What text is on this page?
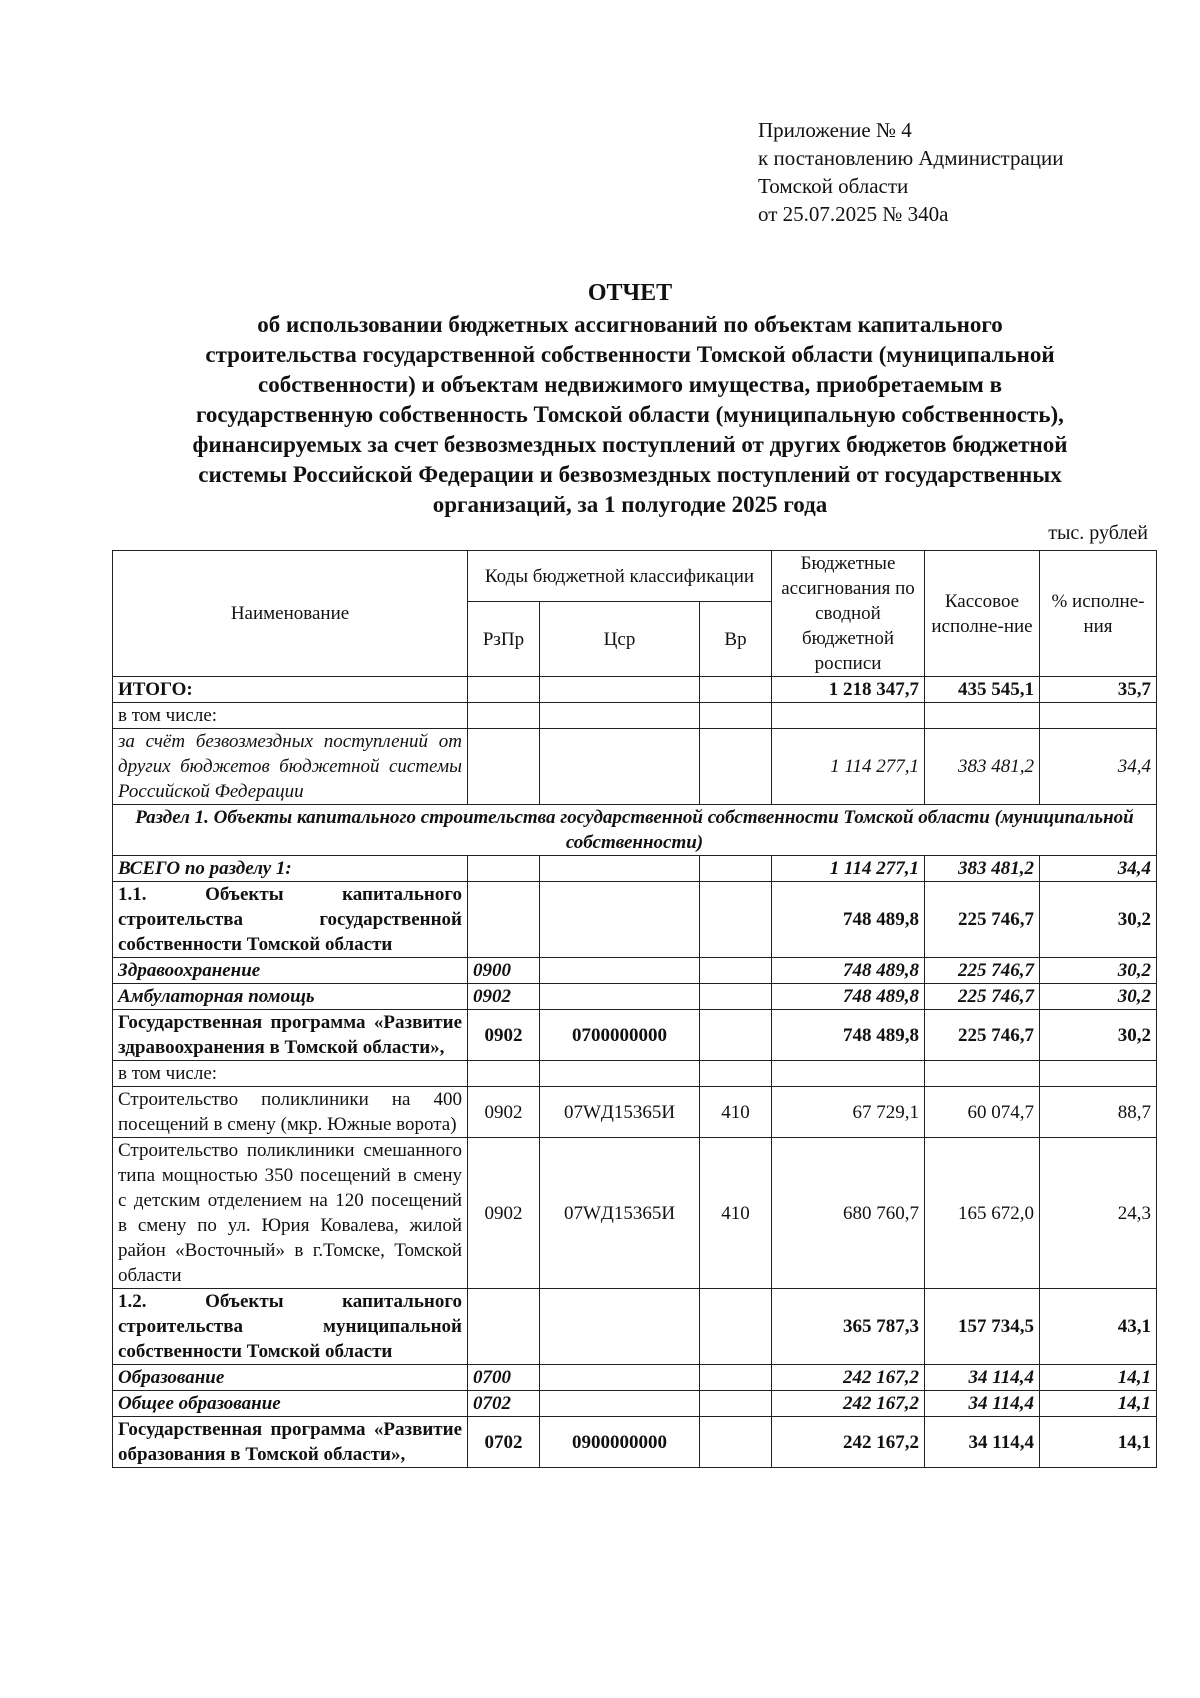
Приложение № 4
к постановлению Администрации
Томской области
от 25.07.2025 № 340а
ОТЧЕТ
об использовании бюджетных ассигнований по объектам капитального
строительства государственной собственности Томской области (муниципальной
собственности) и объектам недвижимого имущества, приобретаемым в
государственную собственность Томской области (муниципальную собственность),
финансируемых за счет безвозмездных поступлений от других бюджетов бюджетной
системы Российской Федерации и безвозмездных поступлений от государственных
организаций, за 1 полугодие 2025 года
тыс. рублей
Наименование	Коды бюджетной классификации			Бюджетные ассигнования по сводной бюджетной росписи	Кассовое исполне-ние	% исполне-ния
	РзПр	Цср	Вр			
ИТОГО:				1 218 347,7	435 545,1	35,7
в том числе:						
за счёт безвозмездных поступлений от других бюджетов бюджетной системы Российской Федерации				1 114 277,1	383 481,2	34,4
Раздел 1. Объекты капитального строительства государственной собственности Томской области (муниципальной собственности)						
ВСЕГО по разделу 1:				1 114 277,1	383 481,2	34,4
1.1. Объекты капитального строительства государственной собственности Томской области				748 489,8	225 746,7	30,2
Здравоохранение	0900			748 489,8	225 746,7	30,2
Амбулаторная помощь	0902			748 489,8	225 746,7	30,2
Государственная программа «Развитие здравоохранения в Томской области»,	0902	0700000000		748 489,8	225 746,7	30,2
в том числе:						
Строительство поликлиники на 400 посещений в смену (мкр. Южные ворота)	0902	07WД15365И	410	67 729,1	60 074,7	88,7
Строительство поликлиники смешанного типа мощностью 350 посещений в смену с детским отделением на 120 посещений в смену по ул. Юрия Ковалева, жилой район «Восточный» в г.Томске, Томской области	0902	07WД15365И	410	680 760,7	165 672,0	24,3
1.2. Объекты капитального строительства муниципальной собственности Томской области				365 787,3	157 734,5	43,1
Образование	0700			242 167,2	34 114,4	14,1
Общее образование	0702			242 167,2	34 114,4	14,1
Государственная программа «Развитие образования в Томской области»,	0702	0900000000		242 167,2	34 114,4	14,1
